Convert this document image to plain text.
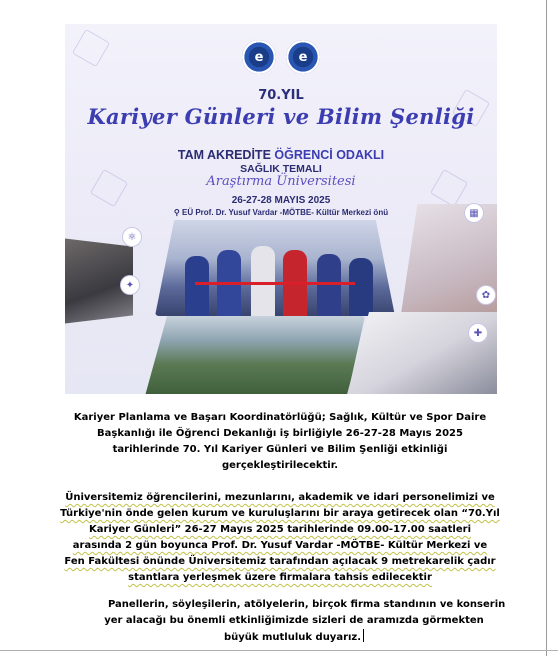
e	e
70.YIL
Kariyer Günleri ve Bilim Şenliği
TAM AKREDİTE ÖĞRENCİ ODAKLI
SAĞLIK TEMALI
Araştırma Üniversitesi
26-27-28 MAYIS 2025
⚲ EÜ Prof. Dr. Yusuf Vardar -MÖTBE- Kültür Merkezi önü	▦
⚛
✦
✿
✚
Kariyer Planlama ve Başarı Koordinatörlüğü; Sağlık, Kültür ve Spor Daire Başkanlığı ile Öğrenci Dekanlığı iş birliğiyle 26-27-28 Mayıs 2025 tarihlerinde 70. Yıl Kariyer Günleri ve Bilim Şenliği etkinliği gerçekleştirilecektir.
Üniversitemiz öğrencilerini, mezunlarını, akademik ve idari personelimizi ve
Türkiye'nin önde gelen kurum ve kuruluşlarını bir araya getirecek olan “70.Yıl
Kariyer Günleri” 26-27 Mayıs 2025 tarihlerinde 09.00-17.00 saatleri
arasında 2 gün boyunca Prof. Dr. Yusuf Vardar -MÖTBE- Kültür Merkezi ve
Fen Fakültesi önünde Üniversitemiz tarafından açılacak 9 metrekarelik çadır
stantlara yerleşmek üzere firmalara tahsis edilecektir
Panellerin, söyleşilerin, atölyelerin, birçok firma standının ve konserin
yer alacağı bu önemli etkinliğimizde sizleri de aramızda görmekten
büyük mutluluk duyarız.
